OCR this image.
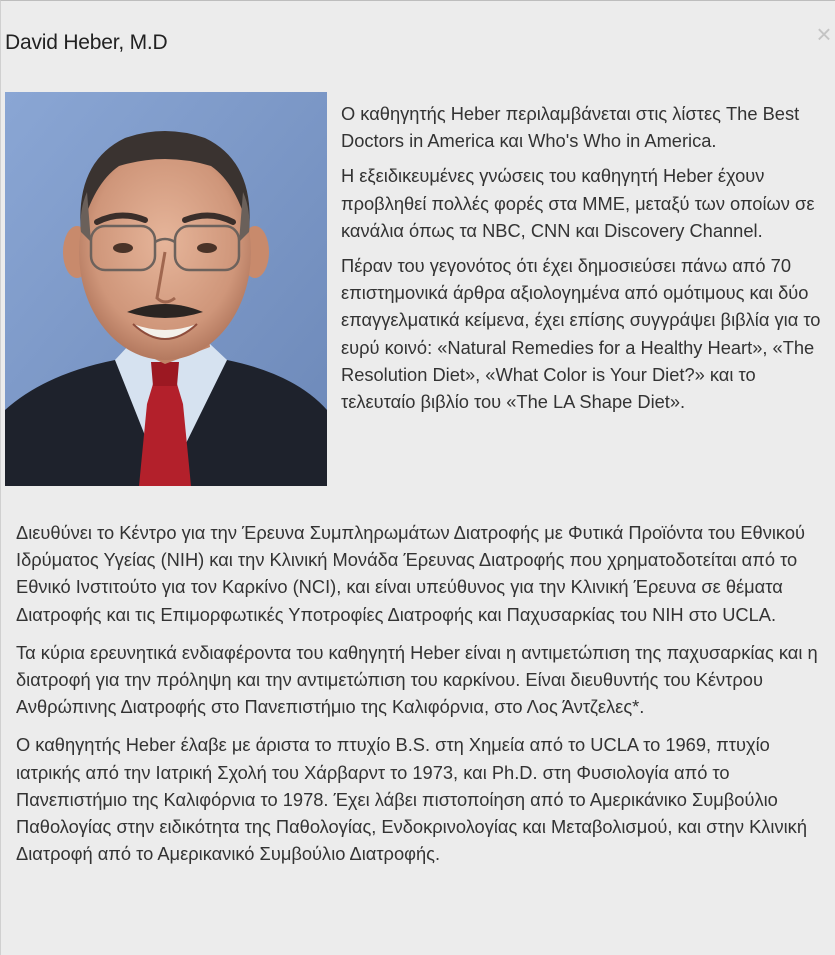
David Heber, M.D	×

Ο καθηγητής Heber περιλαμβάνεται στις λίστες The Best Doctors in America και Who's Who in America.

Η εξειδικευμένες γνώσεις του καθηγητή Heber έχουν προβληθεί πολλές φορές στα ΜΜΕ, μεταξύ των οποίων σε κανάλια όπως τα NBC, CNN και Discovery Channel.

Πέραν του γεγονότος ότι έχει δημοσιεύσει πάνω από 70 επιστημονικά άρθρα αξιολογημένα από ομότιμους και δύο επαγγελματικά κείμενα, έχει επίσης συγγράψει βιβλία για το ευρύ κοινό: «Natural Remedies for a Healthy Heart», «The Resolution Diet», «What Color is Your Diet?» και το τελευταίο βιβλίο του «The LA Shape Diet».

Διευθύνει το Κέντρο για την Έρευνα Συμπληρωμάτων Διατροφής με Φυτικά Προϊόντα του Εθνικού Ιδρύματος Υγείας (NIH) και την Κλινική Μονάδα Έρευνας Διατροφής που χρηματοδοτείται από το Εθνικό Ινστιτούτο για τον Καρκίνο (NCI), και είναι υπεύθυνος για την Κλινική Έρευνα σε θέματα Διατροφής και τις Επιμορφωτικές Υποτροφίες Διατροφής και Παχυσαρκίας του NIH στο UCLA.

Τα κύρια ερευνητικά ενδιαφέροντα του καθηγητή Heber είναι η αντιμετώπιση της παχυσαρκίας και η διατροφή για την πρόληψη και την αντιμετώπιση του καρκίνου. Είναι διευθυντής του Κέντρου Ανθρώπινης Διατροφής στο Πανεπιστήμιο της Καλιφόρνια, στο Λος Άντζελες*.

Ο καθηγητής Heber έλαβε με άριστα το πτυχίο B.S. στη Χημεία από το UCLA το 1969, πτυχίο ιατρικής από την Ιατρική Σχολή του Χάρβαρντ το 1973, και Ph.D. στη Φυσιολογία από το Πανεπιστήμιο της Καλιφόρνια το 1978. Έχει λάβει πιστοποίηση από το Αμερικάνικο Συμβούλιο Παθολογίας στην ειδικότητα της Παθολογίας, Ενδοκρινολογίας και Μεταβολισμού, και στην Κλινική Διατροφή από το Αμερικανικό Συμβούλιο Διατροφής.
